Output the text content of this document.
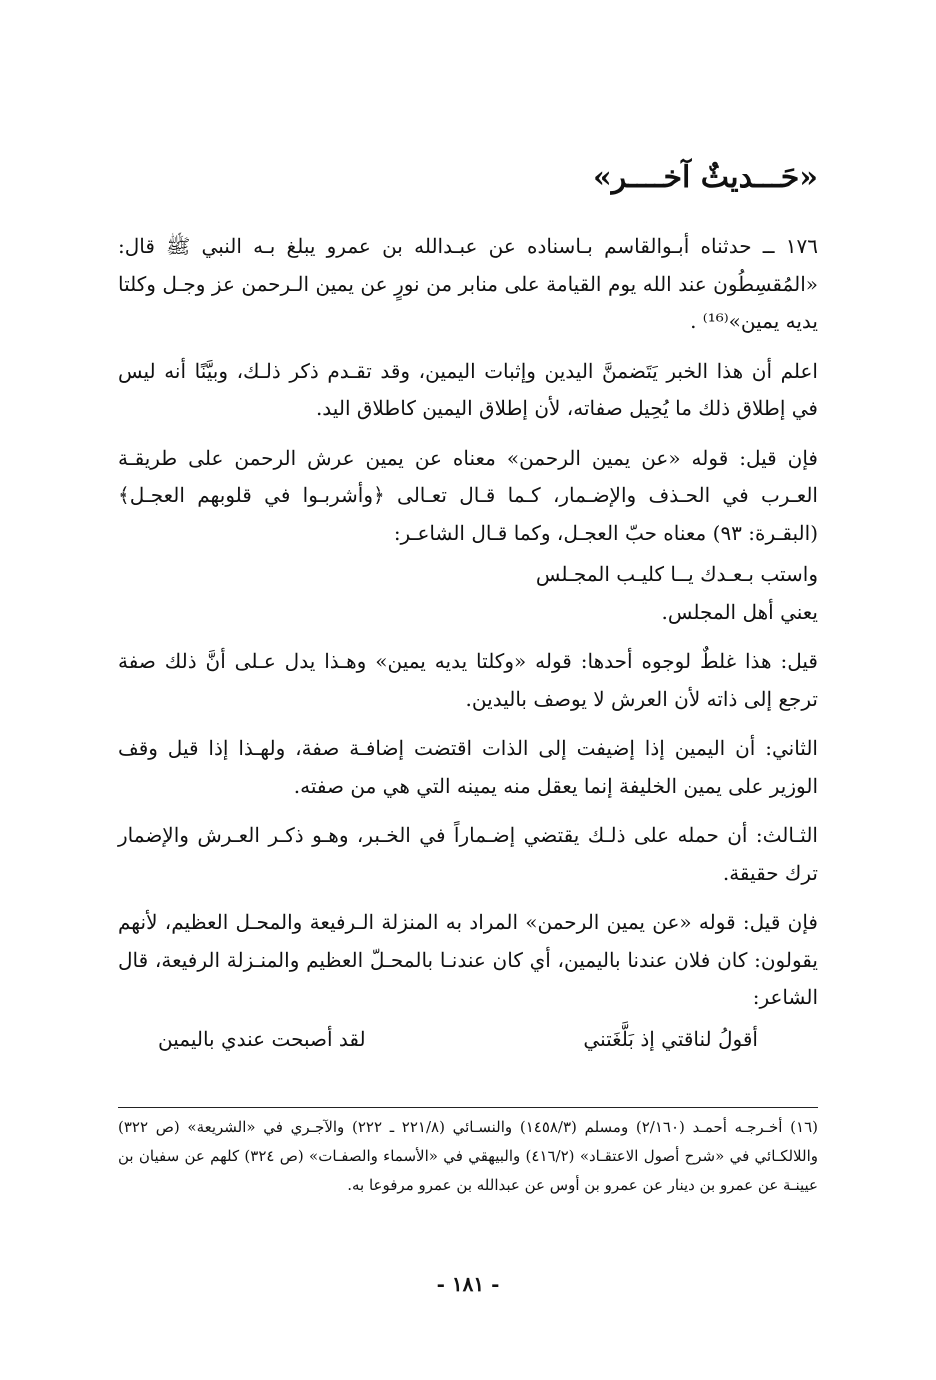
«حَـــديثٌ آخــــر»

١٧٦ ــ حدثناه أبـوالقاسم بـاسناده عن عبـدالله بن عمرو يبلغ بـه النبي ﷺ قال: «المُقسِطُون عند الله يوم القيامة على منابر من نورٍ عن يمين الـرحمن عز وجـل وكلتا يديه يمين»⁽¹⁶⁾ .

اعلم أن هذا الخبر يَتَضمنَّ اليدين وإثبات اليمين، وقد تقـدم ذكر ذلـك، وبيَّنًا أنه ليس في إطلاق ذلك ما يُحِيل صفاته، لأن إطلاق اليمين كاطلاق اليد.

فإن قيل: قوله «عن يمين الرحمن» معناه عن يمين عرش الرحمن على طريقـة العـرب في الحـذف والإضـمار، كـما قـال تعـالى ﴿وأشربـوا في قلوبهم العجـل﴾ (البقـرة: ٩٣) معناه حبّ العجـل، وكما قـال الشاعـر:

واستب بـعـدك يــا كليـب المجـلس

يعني أهل المجلس.

قيل: هذا غلطٌ لوجوه أحدها: قوله «وكلتا يديه يمين» وهـذا يدل عـلى أنَّ ذلك صفة ترجع إلى ذاته لأن العرش لا يوصف باليدين.

الثاني: أن اليمين إذا إضيفت إلى الذات اقتضت إضافـة صفة، ولهـذا إذا قيل وقف الوزير على يمين الخليفة إنما يعقل منه يمينه التي هي من صفته.

الثـالث: أن حمله على ذلـك يقتضي إضـماراً في الخـبر، وهـو ذكـر العـرش والإضمار ترك حقيقة.

فإن قيل: قوله «عن يمين الرحمن» المراد به المنزلة الـرفيعة والمحـل العظيم، لأنهم يقولون: كان فلان عندنا باليمين، أي كان عندنـا بالمحـلّ العظيم والمنـزلة الرفيعة، قال الشاعر:

أقولُ لناقتي إذ بَلَّغَتني
لقد أصبحت عندي باليمين

(١٦) أخـرجـه أحمـد (٢/١٦٠) ومسلم (١٤٥٨/٣) والنسـائي (٢٢١/٨ ـ ٢٢٢) والآجـري في «الشريعة» (ص ٣٢٢) واللالكـائي في «شرح أصول الاعتقـاد» (٤١٦/٢) والبيهقي في «الأسماء والصفـات» (ص ٣٢٤) كلهم عن سفيان بن عيينـة عن عمرو بن دينار عن عمرو بن أوس عن عبدالله بن عمرو مرفوعا به.

- ١٨١ -
